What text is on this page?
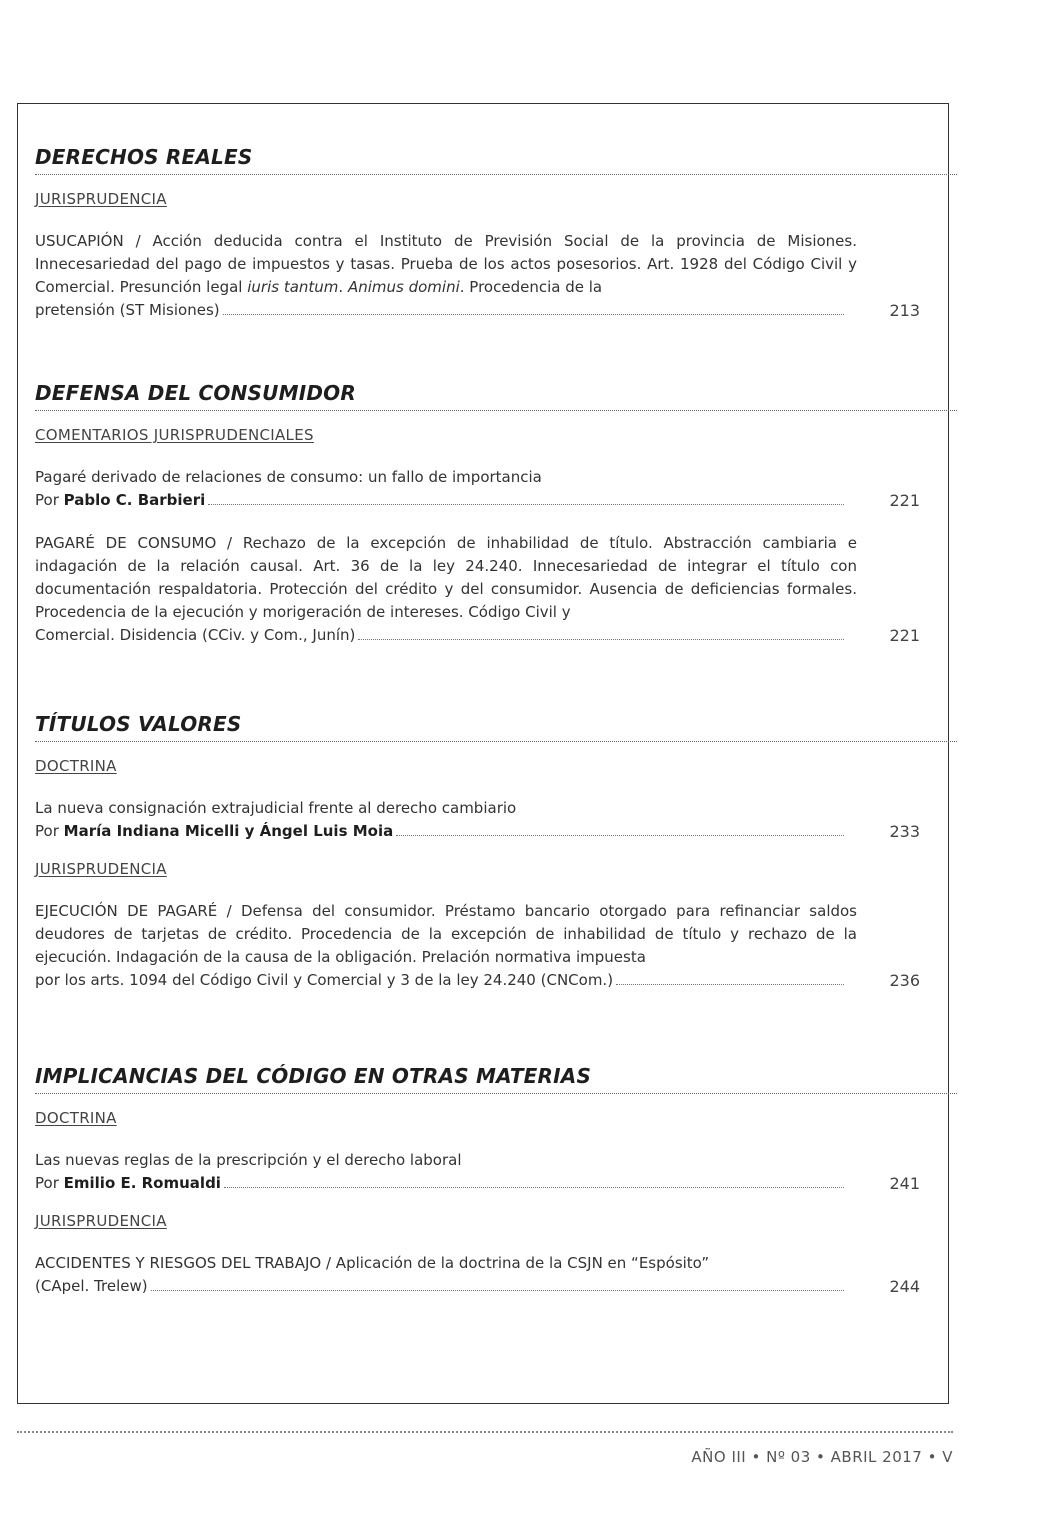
DERECHOS REALES
JURISPRUDENCIA

USUCAPIÓN / Acción deducida contra el Instituto de Previsión Social de la provincia de Misiones. Innecesariedad del pago de impuestos y tasas. Prueba de los actos posesorios. Art. 1928 del Código Civil y Comercial. Presunción legal iuris tantum. Animus domini. Procedencia de la

pretensión (ST Misiones)	213
DEFENSA DEL CONSUMIDOR
COMENTARIOS JURISPRUDENCIALES

Pagaré derivado de relaciones de consumo: un fallo de importancia

Por
Pablo C. Barbieri	221

PAGARÉ DE CONSUMO / Rechazo de la excepción de inhabilidad de título. Abstracción cambiaria e indagación de la relación causal. Art. 36 de la ley 24.240. Innecesariedad de integrar el título con documentación respaldatoria. Protección del crédito y del consumidor. Ausencia de deficiencias formales. Procedencia de la ejecución y morigeración de intereses. Código Civil y

Comercial. Disidencia (CCiv. y Com., Junín)	221
TÍTULOS VALORES
DOCTRINA

La nueva consignación extrajudicial frente al derecho cambiario

Por
María Indiana Micelli y Ángel Luis Moia	233
JURISPRUDENCIA

EJECUCIÓN DE PAGARÉ / Defensa del consumidor. Préstamo bancario otorgado para refinanciar saldos deudores de tarjetas de crédito. Procedencia de la excepción de inhabilidad de título y rechazo de la ejecución. Indagación de la causa de la obligación. Prelación normativa impuesta

por los arts. 1094 del Código Civil y Comercial y 3 de la ley 24.240 (CNCom.)	236
IMPLICANCIAS DEL CÓDIGO EN OTRAS MATERIAS
DOCTRINA

Las nuevas reglas de la prescripción y el derecho laboral

Por
Emilio E. Romualdi	241
JURISPRUDENCIA

ACCIDENTES Y RIESGOS DEL TRABAJO / Aplicación de la doctrina de la CSJN en “Espósito”

(CApel. Trelew)	244
AÑO III • Nº 03 • ABRIL 2017 • V
